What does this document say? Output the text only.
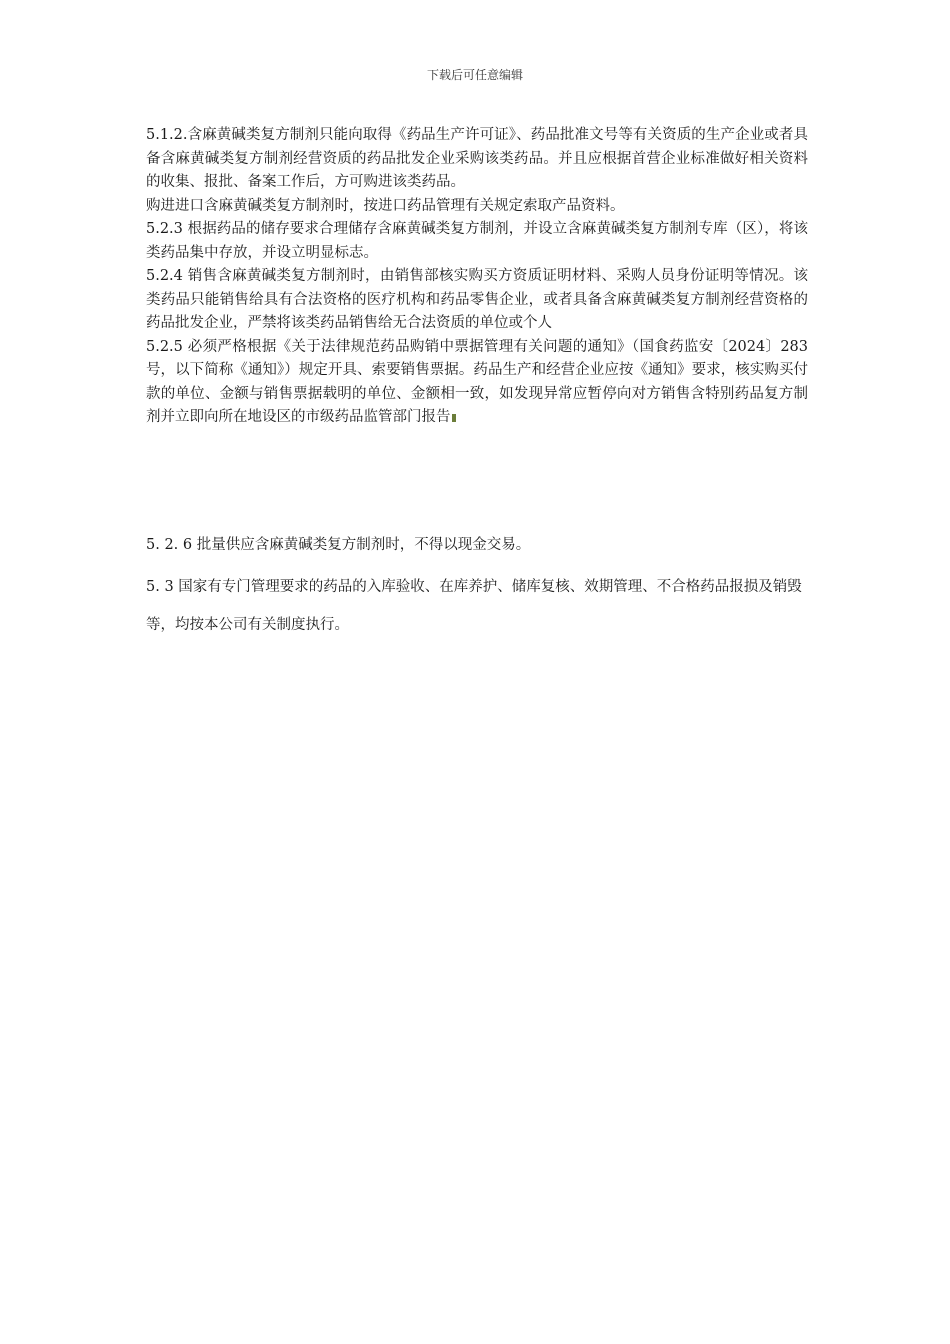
下载后可任意编辑

5.1.2.含麻黄碱类复方制剂只能向取得《药品生产许可证》、药品批准文号等有关资质的生产企业或者具备含麻黄碱类复方制剂经营资质的药品批发企业采购该类药品。并且应根据首营企业标准做好相关资料的收集、报批、备案工作后，方可购进该类药品。

购进进口含麻黄碱类复方制剂时，按进口药品管理有关规定索取产品资料。

5.2.3 根据药品的储存要求合理储存含麻黄碱类复方制剂，并设立含麻黄碱类复方制剂专库（区），将该类药品集中存放，并设立明显标志。

5.2.4 销售含麻黄碱类复方制剂时，由销售部核实购买方资质证明材料、采购人员身份证明等情况。该类药品只能销售给具有合法资格的医疗机构和药品零售企业，或者具备含麻黄碱类复方制剂经营资格的药品批发企业，严禁将该类药品销售给无合法资质的单位或个人

5.2.5 必须严格根据《关于法律规范药品购销中票据管理有关问题的通知》（国食药监安〔2024〕283 号，以下简称《通知》）规定开具、索要销售票据。药品生产和经营企业应按《通知》要求，核实购买付款的单位、金额与销售票据载明的单位、金额相一致，如发现异常应暂停向对方销售含特别药品复方制剂并立即向所在地设区的市级药品监管部门报告

5. 2. 6 批量供应含麻黄碱类复方制剂时，不得以现金交易。

5. 3 国家有专门管理要求的药品的入库验收、在库养护、储库复核、效期管理、不合格药品报损及销毁等，均按本公司有关制度执行。
